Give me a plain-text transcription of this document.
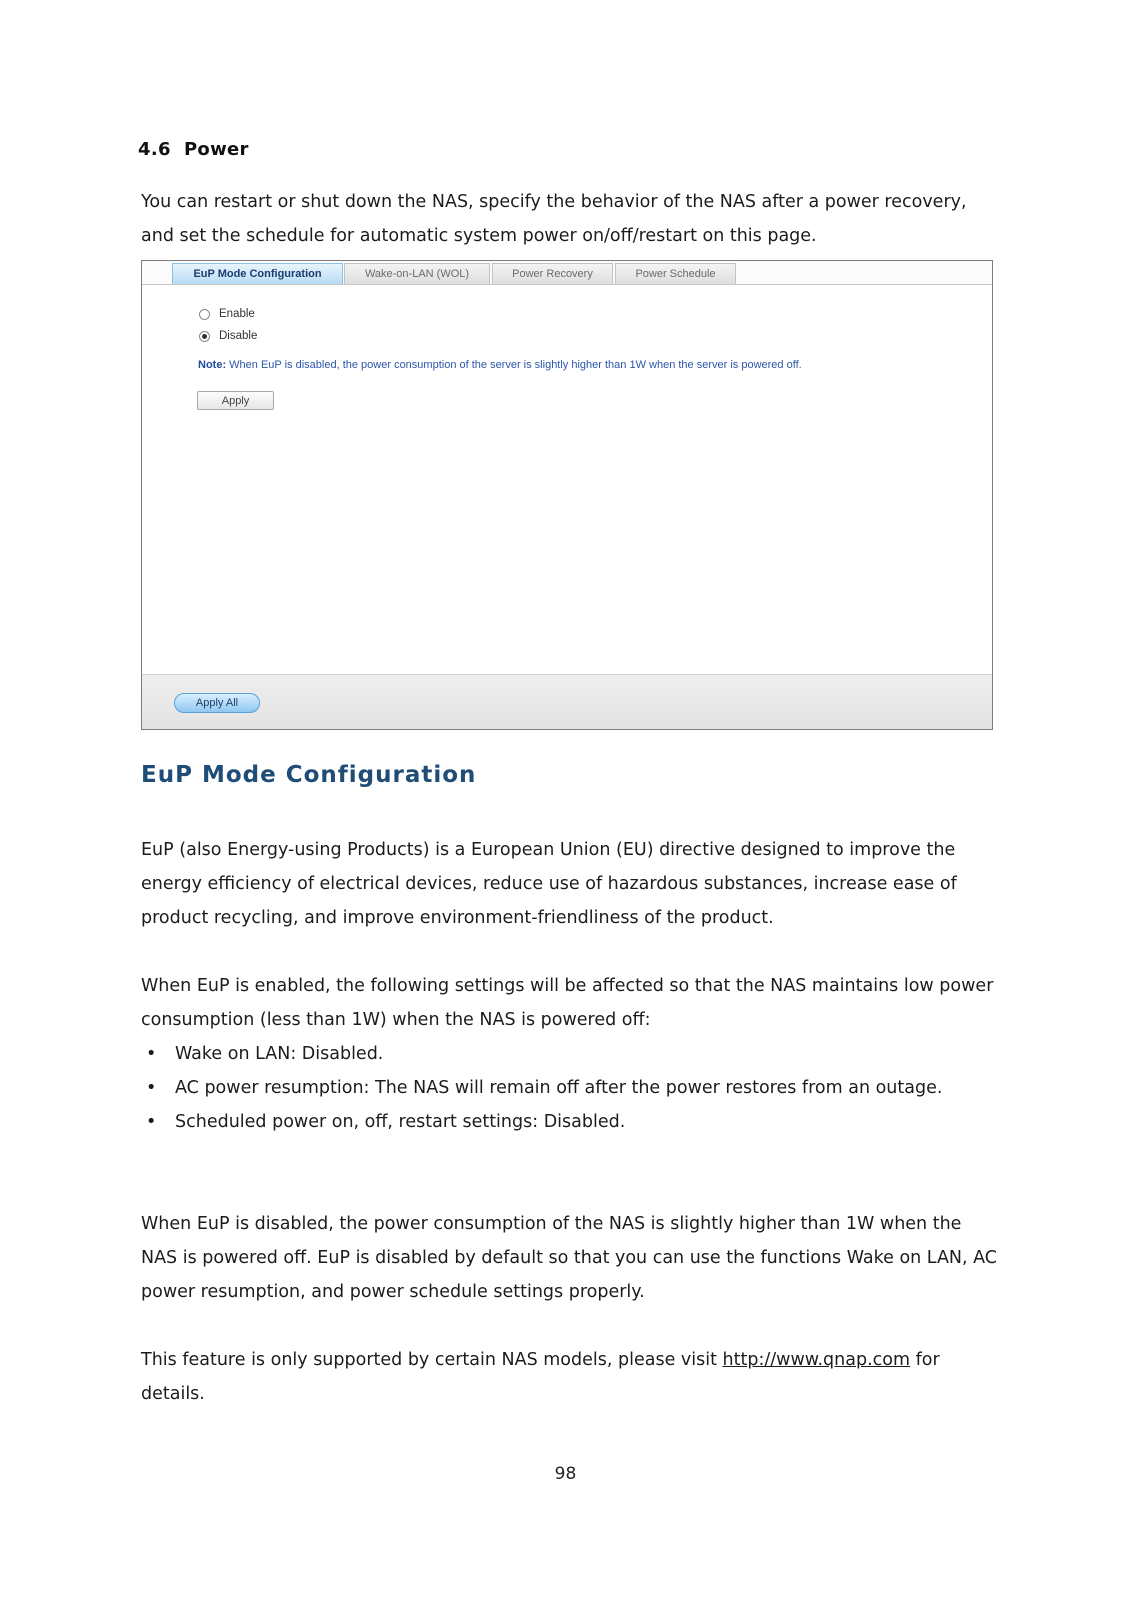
4.6 Power
You can restart or shut down the NAS, specify the behavior of the NAS after a power recovery, and set the schedule for automatic system power on/off/restart on this page.
EuP Mode Configuration	Wake-on-LAN (WOL)	Power Recovery	Power Schedule
Enable
Disable
Note: When EuP is disabled, the power consumption of the server is slightly higher than 1W when the server is powered off.
Apply
Apply All
EuP Mode Configuration
EuP (also Energy-using Products) is a European Union (EU) directive designed to improve the energy efficiency of electrical devices, reduce use of hazardous substances, increase ease of product recycling, and improve environment-friendliness of the product.
When EuP is enabled, the following settings will be affected so that the NAS maintains low power consumption (less than 1W) when the NAS is powered off:
• Wake on LAN: Disabled.
• AC power resumption: The NAS will remain off after the power restores from an outage.
• Scheduled power on, off, restart settings: Disabled.
When EuP is disabled, the power consumption of the NAS is slightly higher than 1W when the NAS is powered off. EuP is disabled by default so that you can use the functions Wake on LAN, AC power resumption, and power schedule settings properly.
This feature is only supported by certain NAS models, please visit http://www.qnap.com for details.
98
